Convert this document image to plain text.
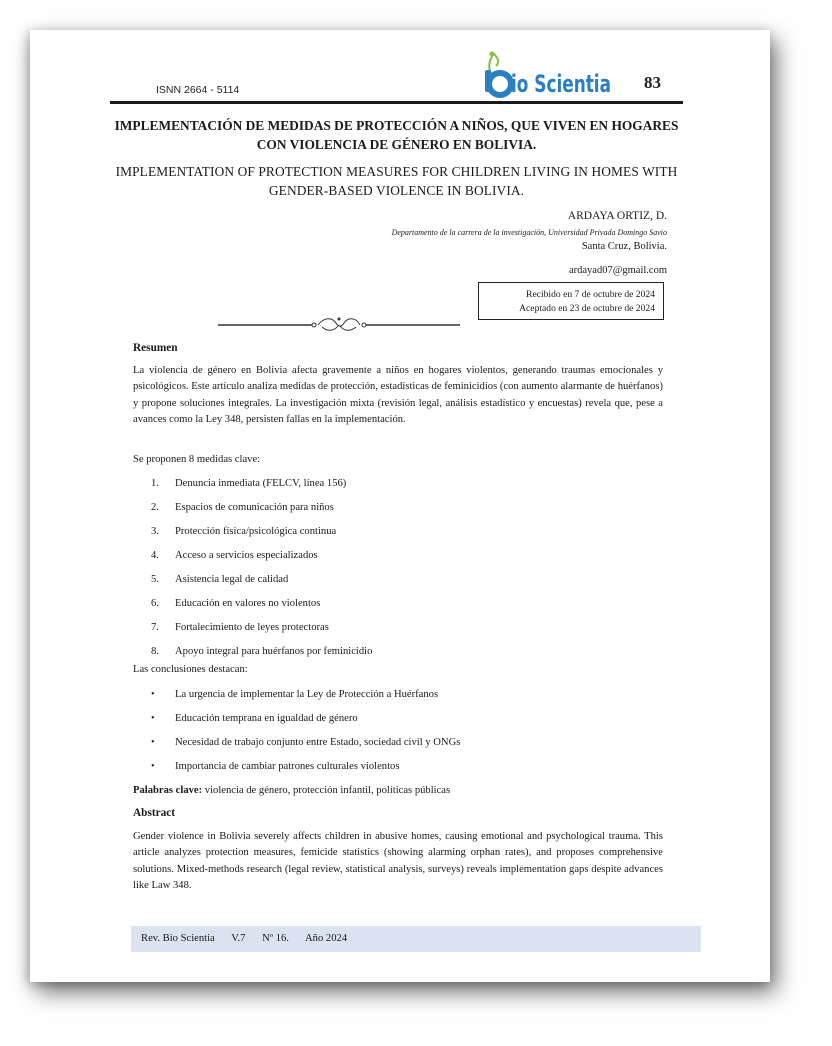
ISNN 2664 - 5114	io Scientia 83
IMPLEMENTACIÓN DE MEDIDAS DE PROTECCIÓN A NIÑOS, QUE VIVEN EN HOGARES CON VIOLENCIA DE GÉNERO EN BOLIVIA.
IMPLEMENTATION OF PROTECTION MEASURES FOR CHILDREN LIVING IN HOMES WITH GENDER-BASED VIOLENCE IN BOLIVIA.
ARDAYA ORTIZ, D.
Departamento de la carrera de la investigación, Universidad Privada Domingo Savio
Santa Cruz, Bolivia.
ardayad07@gmail.com
Recibido en 7 de octubre de 2024
Aceptado en 23 de octubre de 2024
Resumen
La violencia de género en Bolivia afecta gravemente a niños en hogares violentos, generando traumas emocionales y psicológicos. Este artículo analiza medidas de protección, estadísticas de feminicidios (con aumento alarmante de huérfanos) y propone soluciones integrales. La investigación mixta (revisión legal, análisis estadístico y encuestas) revela que, pese a avances como la Ley 348, persisten fallas en la implementación.
Se proponen 8 medidas clave:
1. Denuncia inmediata (FELCV, línea 156)
2. Espacios de comunicación para niños
3. Protección física/psicológica continua
4. Acceso a servicios especializados
5. Asistencia legal de calidad
6. Educación en valores no violentos
7. Fortalecimiento de leyes protectoras
8. Apoyo integral para huérfanos por feminicidio
Las conclusiones destacan:
• La urgencia de implementar la Ley de Protección a Huérfanos
• Educación temprana en igualdad de género
• Necesidad de trabajo conjunto entre Estado, sociedad civil y ONGs
• Importancia de cambiar patrones culturales violentos
Palabras clave: violencia de género, protección infantil, políticas públicas
Abstract
Gender violence in Bolivia severely affects children in abusive homes, causing emotional and psychological trauma. This article analyzes protection measures, femicide statistics (showing alarming orphan rates), and proposes comprehensive solutions. Mixed-methods research (legal review, statistical analysis, surveys) reveals implementation gaps despite advances like Law 348.
Rev. Bio Scientia V.7 Nº 16. Año 2024
